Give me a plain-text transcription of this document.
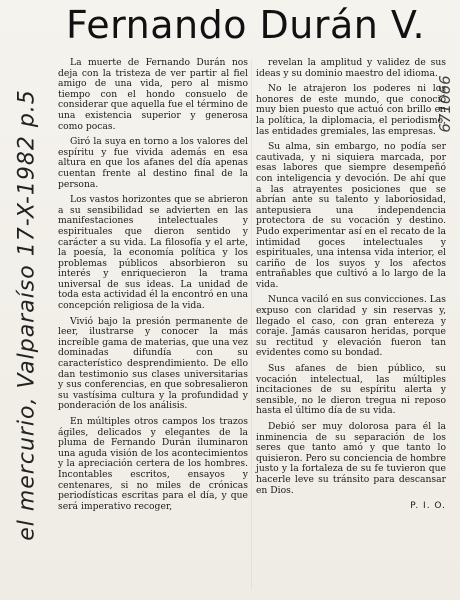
Fernando Durán V.
el mercurio, Valparaíso 17-X-1982 p.5	671066

La muerte de Fernando Durán nos deja con la tristeza de ver partir al fiel amigo de una vida, pero al mismo tiempo con el hondo consuelo de considerar que aquella fue el término de una existencia superior y generosa como pocas.

Giró la suya en torno a los valores del espíritu y fue vivida además en esa altura en que los afanes del día apenas cuentan frente al destino final de la persona.

Los vastos horizontes que se abrieron a su sensibilidad se advierten en las manifestaciones intelectuales y espirituales que dieron sentido y carácter a su vida. La filosofía y el arte, la poesía, la economía política y los problemas públicos absorbieron su interés y enriquecieron la trama universal de sus ideas. La unidad de toda esta actividad él la encontró en una concepción religiosa de la vida.

Vivió bajo la presión permanente de leer, ilustrarse y conocer la más increíble gama de materias, que una vez dominadas difundía con su característico desprendimiento. De ello dan testimonio sus clases universitarias y sus conferencias, en que sobresalieron su vastísima cultura y la profundidad y ponderación de los análisis.

En múltiples otros campos los trazos ágiles, delicados y elegantes de la pluma de Fernando Durán iluminaron una aguda visión de los acontecimientos y la apreciación certera de los hombres. Incontables escritos, ensayos y centenares, si no miles de crónicas periodísticas escritas para el día, y que será imperativo recoger,

revelan la amplitud y validez de sus ideas y su dominio maestro del idioma.

No le atrajeron los poderes ni los honores de este mundo, que conoció muy bien puesto que actuó con brillo en la política, la diplomacia, el periodismo, las entidades gremiales, las empresas.

Su alma, sin embargo, no podía ser cautivada, y ni siquiera marcada, por esas labores que siempre desempeñó con inteligencia y devoción. De ahí que a las atrayentes posiciones que se abrían ante su talento y laboriosidad, antepusiera una independencia protectora de su vocación y destino. Pudo experimentar así en el recato de la intimidad goces intelectuales y espirituales, una intensa vida interior, el cariño de los suyos y los afectos entrañables que cultivó a lo largo de la vida.

Nunca vaciló en sus convicciones. Las expuso con claridad y sin reservas y, llegado el caso, con gran entereza y coraje. Jamás causaron heridas, porque su rectitud y elevación fueron tan evidentes como su bondad.

Sus afanes de bien público, su vocación intelectual, las múltiples incitaciones de su espíritu alerta y sensible, no le dieron tregua ni reposo hasta el último día de su vida.

Debió ser muy dolorosa para él la inminencia de su separación de los seres que tanto amó y que tanto lo quisieron. Pero su conciencia de hombre justo y la fortaleza de su fe tuvieron que hacerle leve su tránsito para descansar en Dios.

P. I. O.
